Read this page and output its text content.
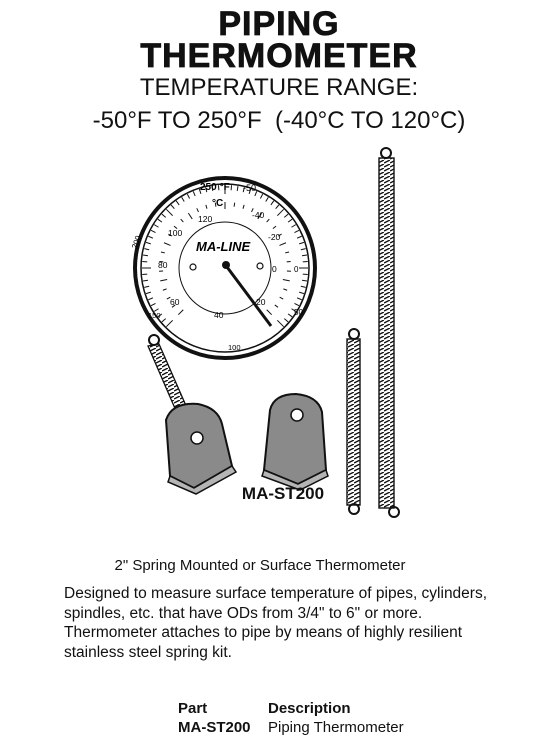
PIPING
THERMOMETER
TEMPERATURE RANGE:
-50°F TO 250°F  (-40°C TO 120°C)
200
250 °F -50
°C
120
100
80
60
40
20
0
-20
-40
0
50
100
150
MA-LINE
MA-ST200
2" Spring Mounted or Surface Thermometer
Designed to measure surface temperature of pipes, cylinders,
spindles, etc. that have ODs from 3/4" to 6" or more.
Thermometer attaches to pipe by means of highly resilient
stainless steel spring kit.
Part	Description
MA-ST200	Piping Thermometer
